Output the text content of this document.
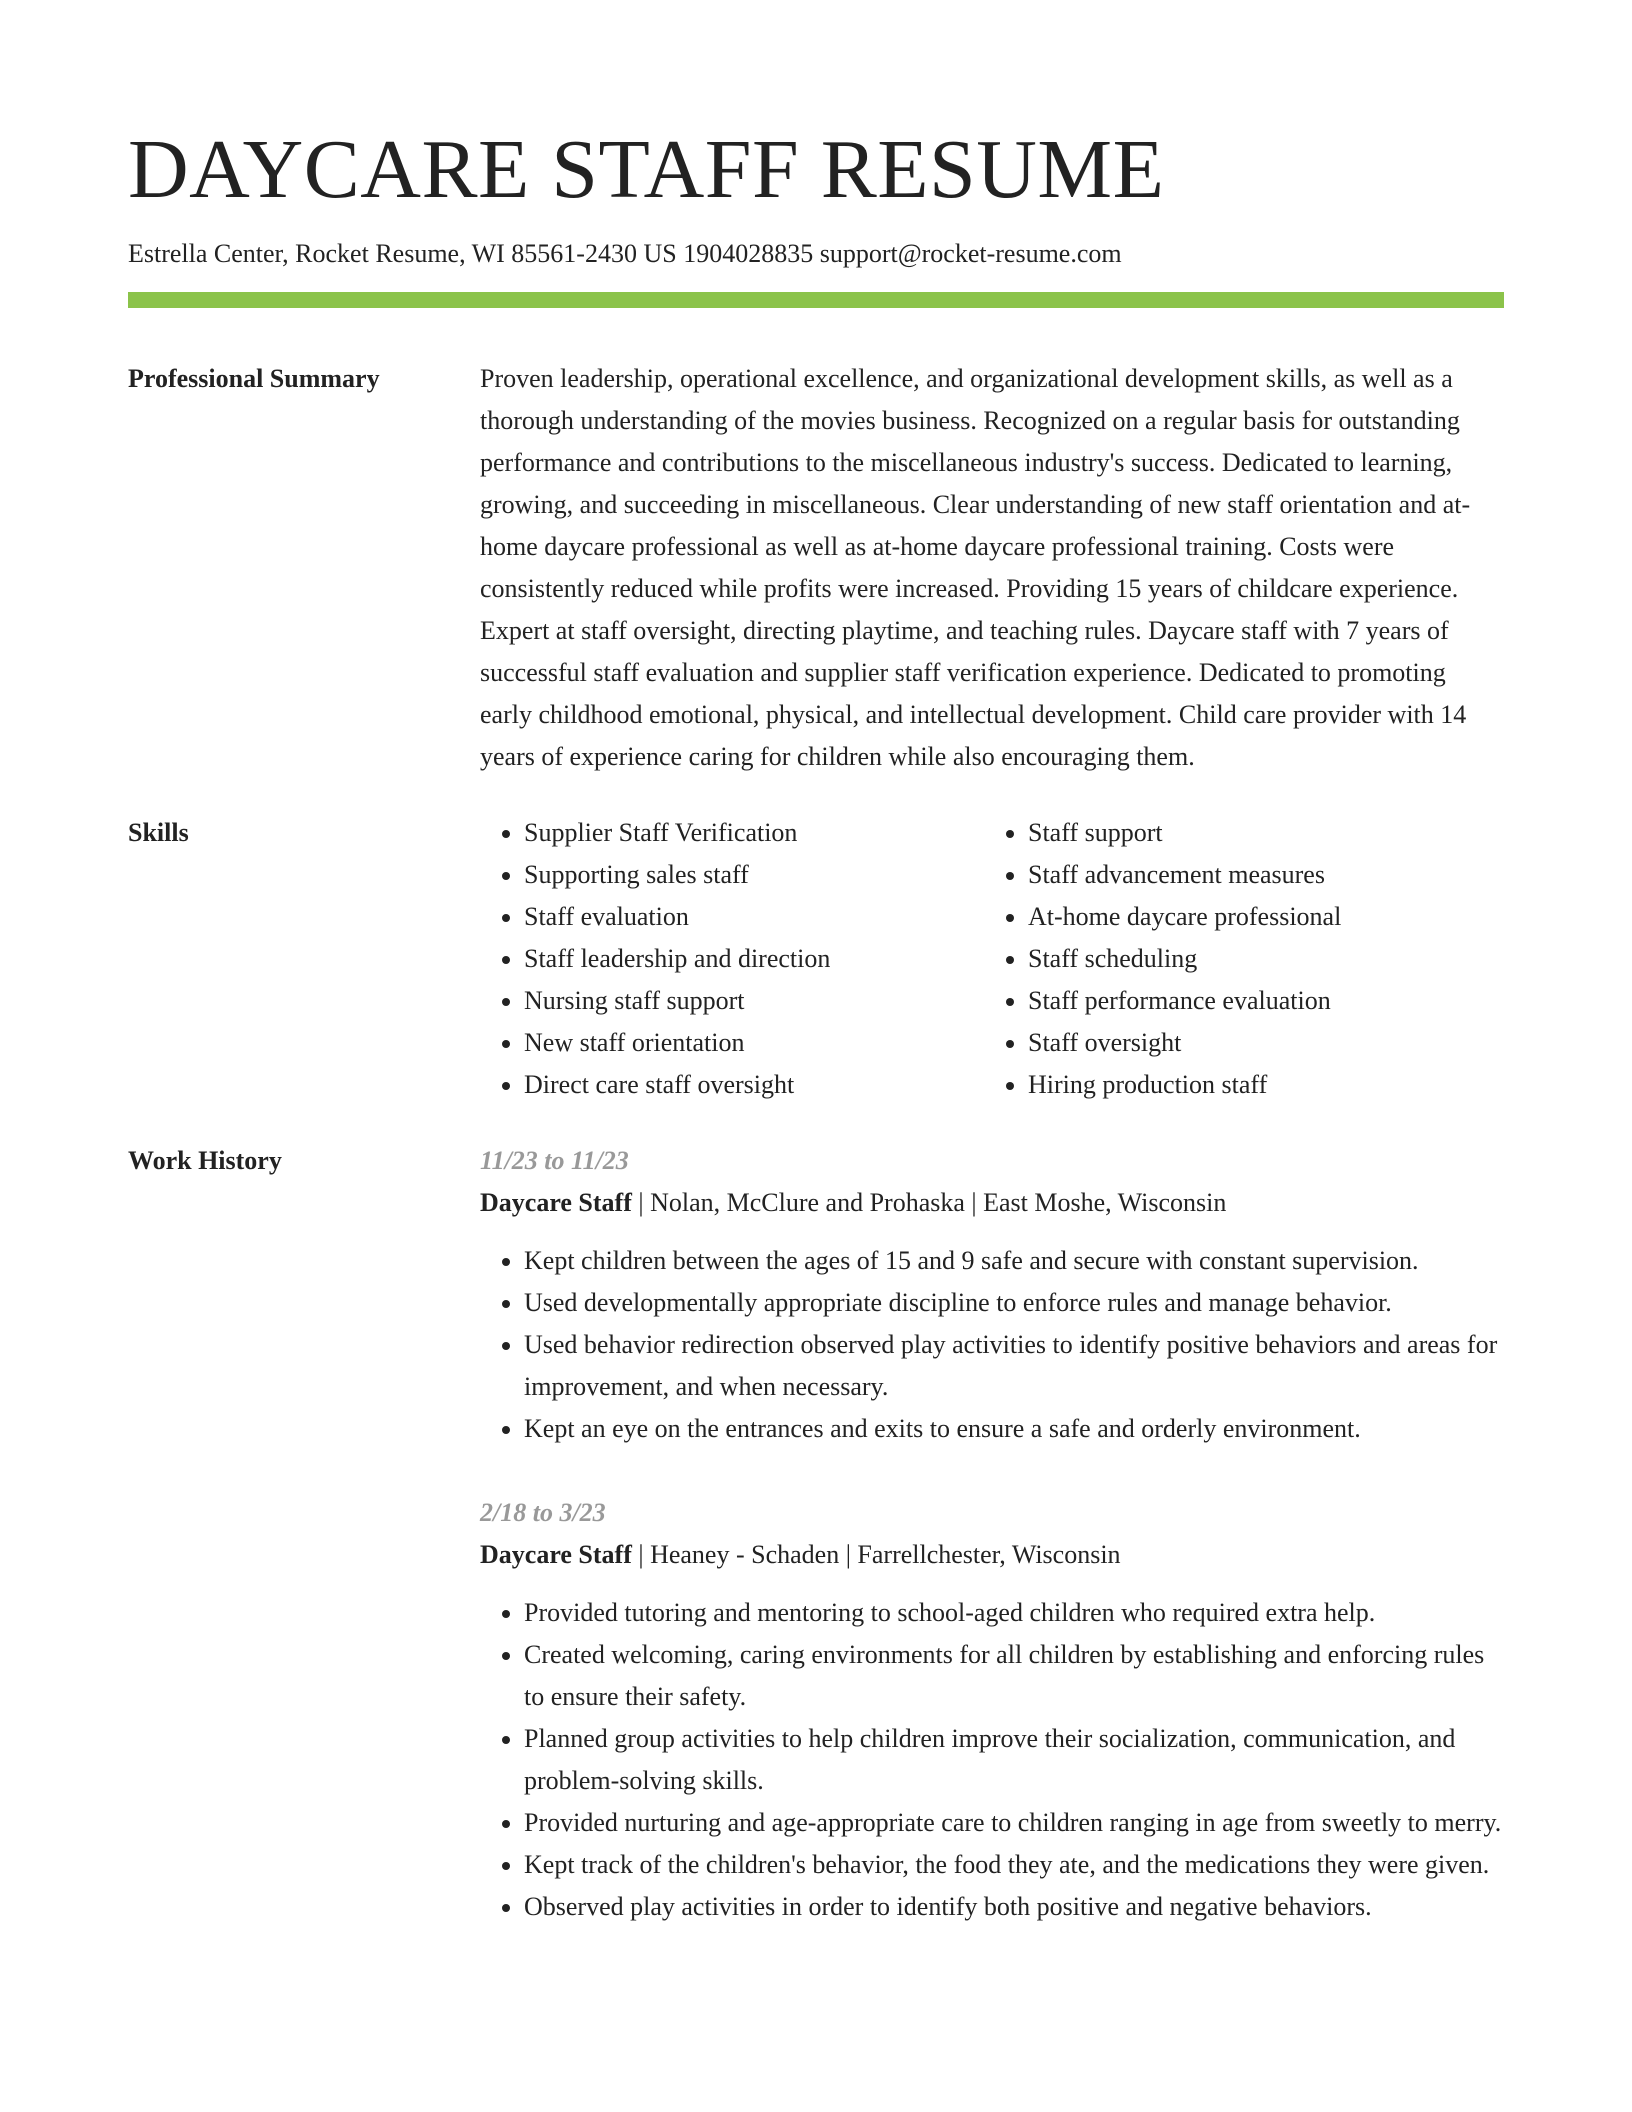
DAYCARE STAFF RESUME
Estrella Center, Rocket Resume, WI 85561-2430 US 1904028835 support@rocket-resume.com
Professional Summary	Proven leadership, operational excellence, and organizational development skills, as well as a thorough understanding of the movies business. Recognized on a regular basis for outstanding performance and contributions to the miscellaneous industry's success. Dedicated to learning, growing, and succeeding in miscellaneous. Clear understanding of new staff orientation and at-home daycare professional as well as at-home daycare professional training. Costs were consistently reduced while profits were increased. Providing 15 years of childcare experience. Expert at staff oversight, directing playtime, and teaching rules. Daycare staff with 7 years of successful staff evaluation and supplier staff verification experience. Dedicated to promoting early childhood emotional, physical, and intellectual development. Child care provider with 14 years of experience caring for children while also encouraging them.
Skills
•	Supplier Staff Verification
• Supporting sales staff
• Staff evaluation
• Staff leadership and direction
• Nursing staff support
• New staff orientation
• Direct care staff oversight
• Staff support
• Staff advancement measures
• At-home daycare professional
• Staff scheduling
• Staff performance evaluation
• Staff oversight
• Hiring production staff
Work History	11/23 to 11/23
Daycare Staff | Nolan, McClure and Prohaska | East Moshe, Wisconsin
• Kept children between the ages of 15 and 9 safe and secure with constant supervision.
• Used developmentally appropriate discipline to enforce rules and manage behavior.
• Used behavior redirection observed play activities to identify positive behaviors and areas for improvement, and when necessary.
• Kept an eye on the entrances and exits to ensure a safe and orderly environment.
2/18 to 3/23
Daycare Staff | Heaney - Schaden | Farrellchester, Wisconsin
• Provided tutoring and mentoring to school-aged children who required extra help.
• Created welcoming, caring environments for all children by establishing and enforcing rules to ensure their safety.
• Planned group activities to help children improve their socialization, communication, and problem-solving skills.
• Provided nurturing and age-appropriate care to children ranging in age from sweetly to merry.
• Kept track of the children's behavior, the food they ate, and the medications they were given.
• Observed play activities in order to identify both positive and negative behaviors.
